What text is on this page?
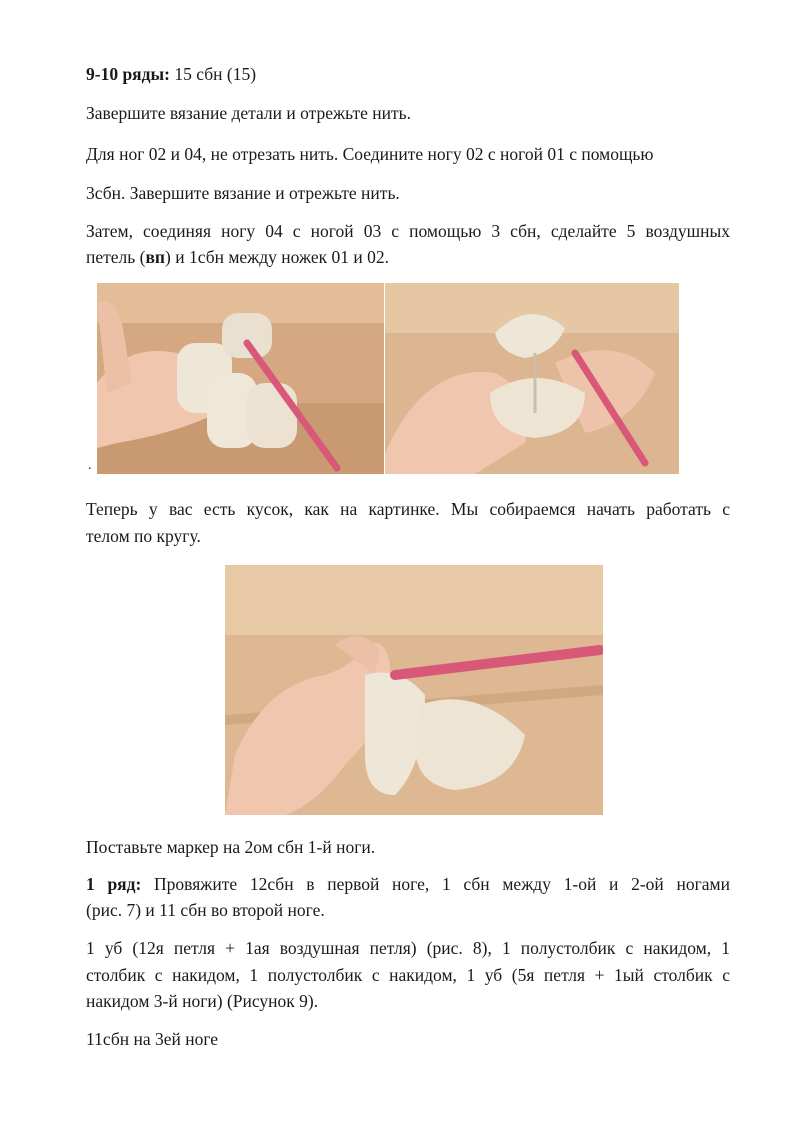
9-10 ряды: 15 сбн (15)

Завершите вязание детали и отрежьте нить.

Для ног 02 и 04, не отрезать нить. Соедините ногу 02 с ногой 01 с помощью

3сбн. Завершите вязание и отрежьте нить.

Затем, соединяя ногу 04 с ногой 03 с помощью 3 сбн, сделайте 5 воздушных

петель (вп) и 1сбн между ножек 01 и 02.

.

Теперь у вас есть кусок, как на картинке. Мы собираемся начать работать с

телом по кругу.

Поставьте маркер на 2ом сбн 1-й ноги.

1 ряд: Провяжите 12сбн в первой ноге, 1 сбн между 1-ой и 2-ой ногами

(рис. 7) и 11 сбн во второй ноге.

1 уб (12я петля + 1ая воздушная петля) (рис. 8), 1 полустолбик с накидом, 1

столбик с накидом, 1 полустолбик с накидом, 1 уб (5я петля + 1ый столбик с

накидом 3-й ноги) (Рисунок 9).

11сбн на 3ей ноге
